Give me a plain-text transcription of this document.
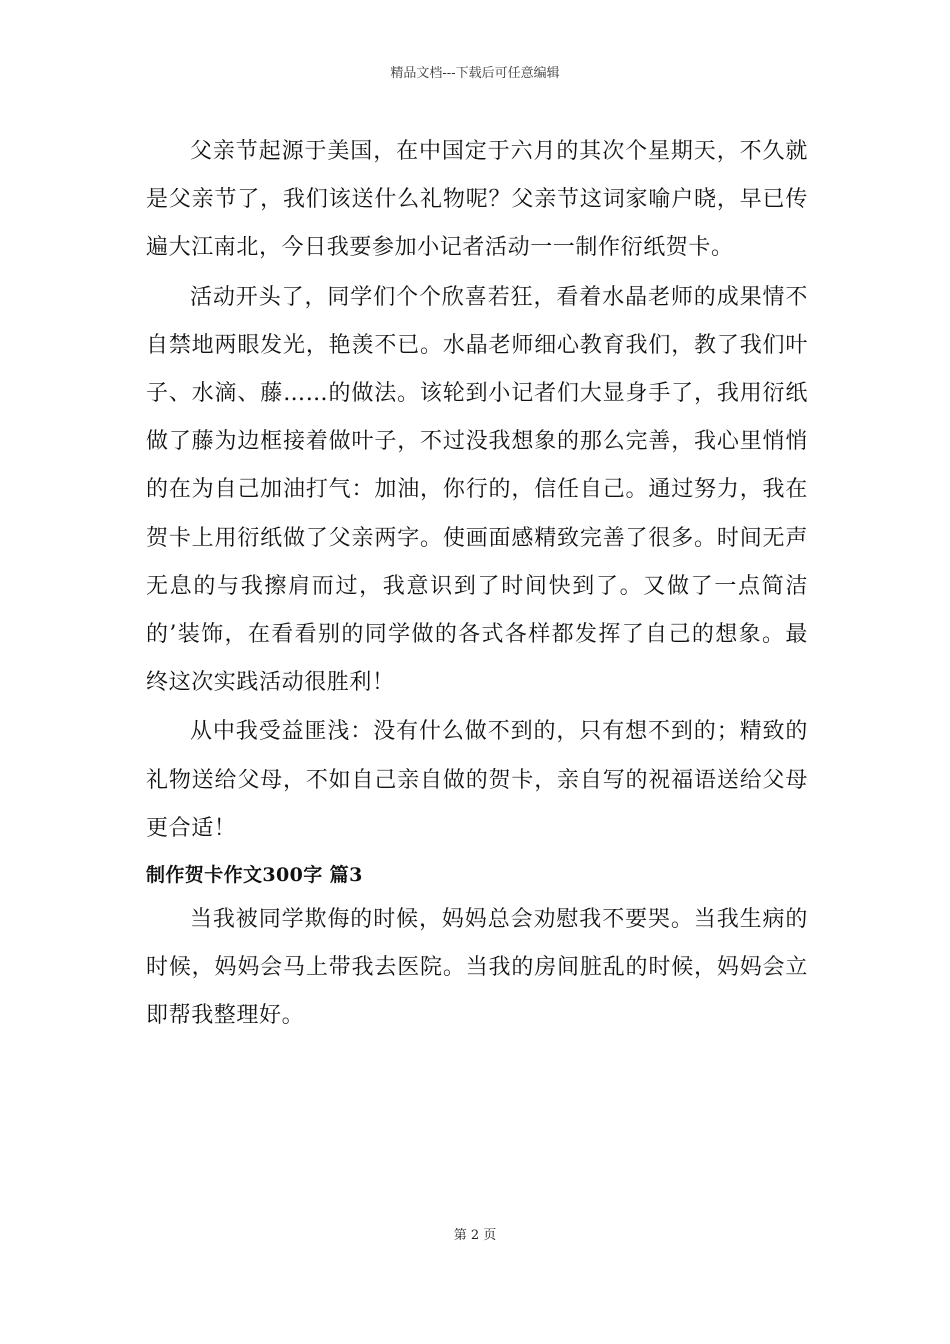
精品文档---下载后可任意编辑

父亲节起源于美国，在中国定于六月的其次个星期天，不久就是父亲节了，我们该送什么礼物呢？父亲节这词家喻户晓，早已传遍大江南北，今日我要参加小记者活动一一制作衍纸贺卡。

活动开头了，同学们个个欣喜若狂，看着水晶老师的成果情不自禁地两眼发光，艳羡不已。水晶老师细心教育我们，教了我们叶子、水滴、藤……的做法。该轮到小记者们大显身手了，我用衍纸做了藤为边框接着做叶子，不过没我想象的那么完善，我心里悄悄的在为自己加油打气：加油，你行的，信任自己。通过努力，我在贺卡上用衍纸做了父亲两字。使画面感精致完善了很多。时间无声无息的与我擦肩而过，我意识到了时间快到了。又做了一点简洁的’装饰，在看看别的同学做的各式各样都发挥了自己的想象。最终这次实践活动很胜利！

从中我受益匪浅：没有什么做不到的，只有想不到的；精致的礼物送给父母，不如自己亲自做的贺卡，亲自写的祝福语送给父母更合适！

制作贺卡作文300字 篇3

当我被同学欺侮的时候，妈妈总会劝慰我不要哭。当我生病的时候，妈妈会马上带我去医院。当我的房间脏乱的时候，妈妈会立即帮我整理好。

第 2 页
